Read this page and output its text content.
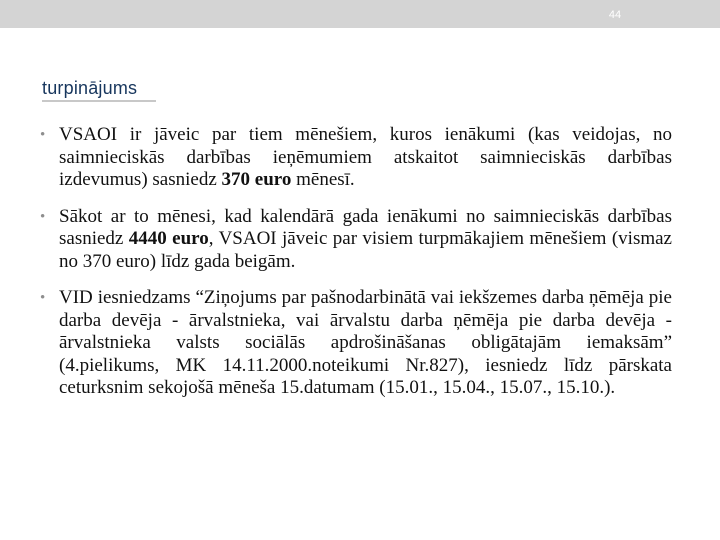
44
turpinājums
• VSAOI ir jāveic par tiem mēnešiem, kuros ienākumi (kas veidojas, no saimnieciskās darbības ieņēmumiem atskaitot saimnieciskās darbības izdevumus) sasniedz 370 euro mēnesī.
• Sākot ar to mēnesi, kad kalendārā gada ienākumi no saimnieciskās darbības sasniedz 4440 euro, VSAOI jāveic par visiem turpmākajiem mēnešiem (vismaz no 370 euro) līdz gada beigām.
• VID iesniedzams “Ziņojums par pašnodarbinātā vai iekšzemes darba ņēmēja pie darba devēja - ārvalstnieka, vai ārvalstu darba ņēmēja pie darba devēja - ārvalstnieka valsts sociālās apdrošināšanas obligātajām iemaksām” (4.pielikums, MK 14.11.2000.noteikumi Nr.827), iesniedz līdz pārskata ceturksnim sekojošā mēneša 15.datumam (15.01., 15.04., 15.07., 15.10.).
